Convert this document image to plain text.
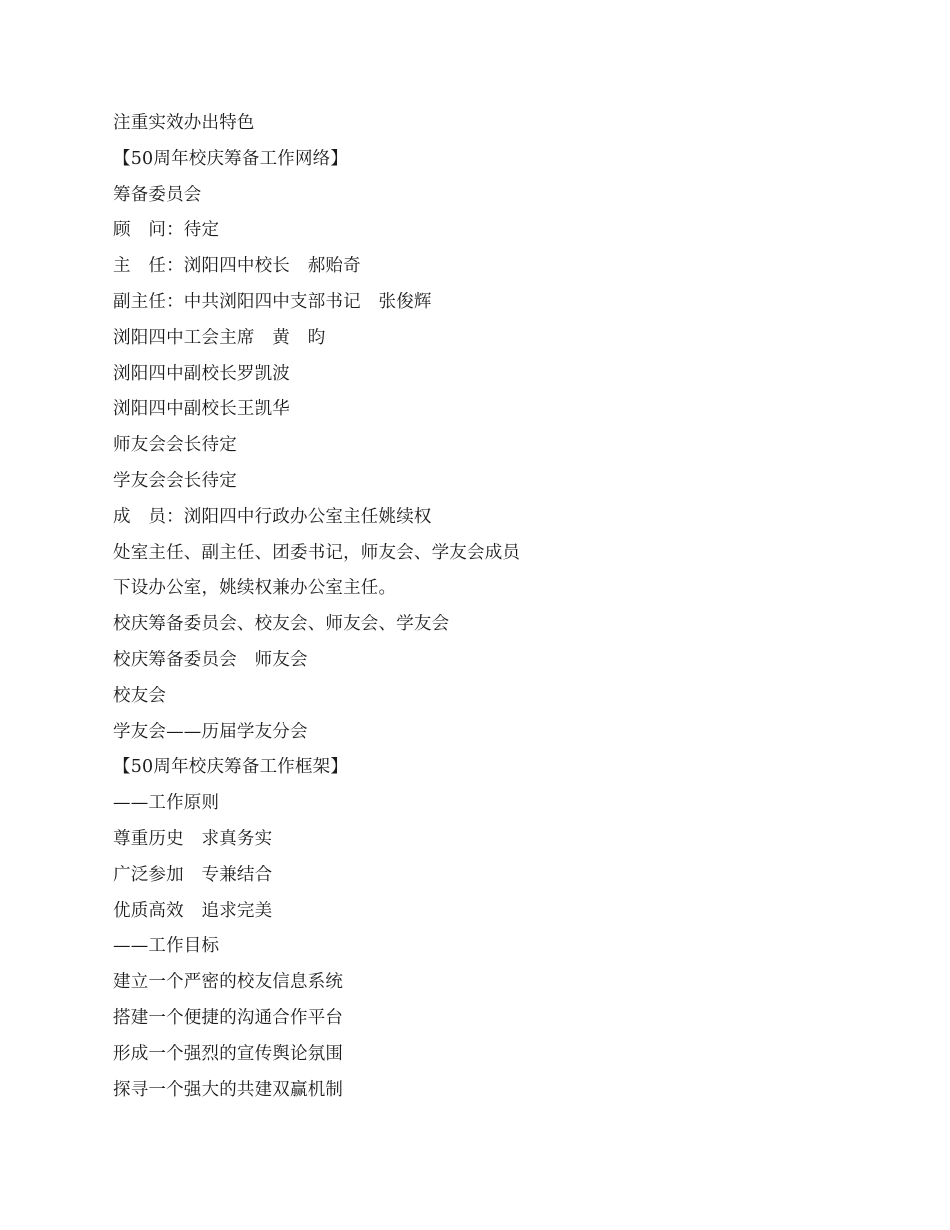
注重实效办出特色
【50周年校庆筹备工作网络】
筹备委员会
顾　问：待定
主　任：浏阳四中校长　郝贻奇
副主任：中共浏阳四中支部书记　张俊辉
浏阳四中工会主席　黄　昀
浏阳四中副校长罗凯波
浏阳四中副校长王凯华
师友会会长待定
学友会会长待定
成　员：浏阳四中行政办公室主任姚续权
处室主任、副主任、团委书记，师友会、学友会成员
下设办公室，姚续权兼办公室主任。
校庆筹备委员会、校友会、师友会、学友会
校庆筹备委员会　师友会
校友会
学友会——历届学友分会
【50周年校庆筹备工作框架】
——工作原则
尊重历史　求真务实
广泛参加　专兼结合
优质高效　追求完美
——工作目标
建立一个严密的校友信息系统
搭建一个便捷的沟通合作平台
形成一个强烈的宣传舆论氛围
探寻一个强大的共建双赢机制
